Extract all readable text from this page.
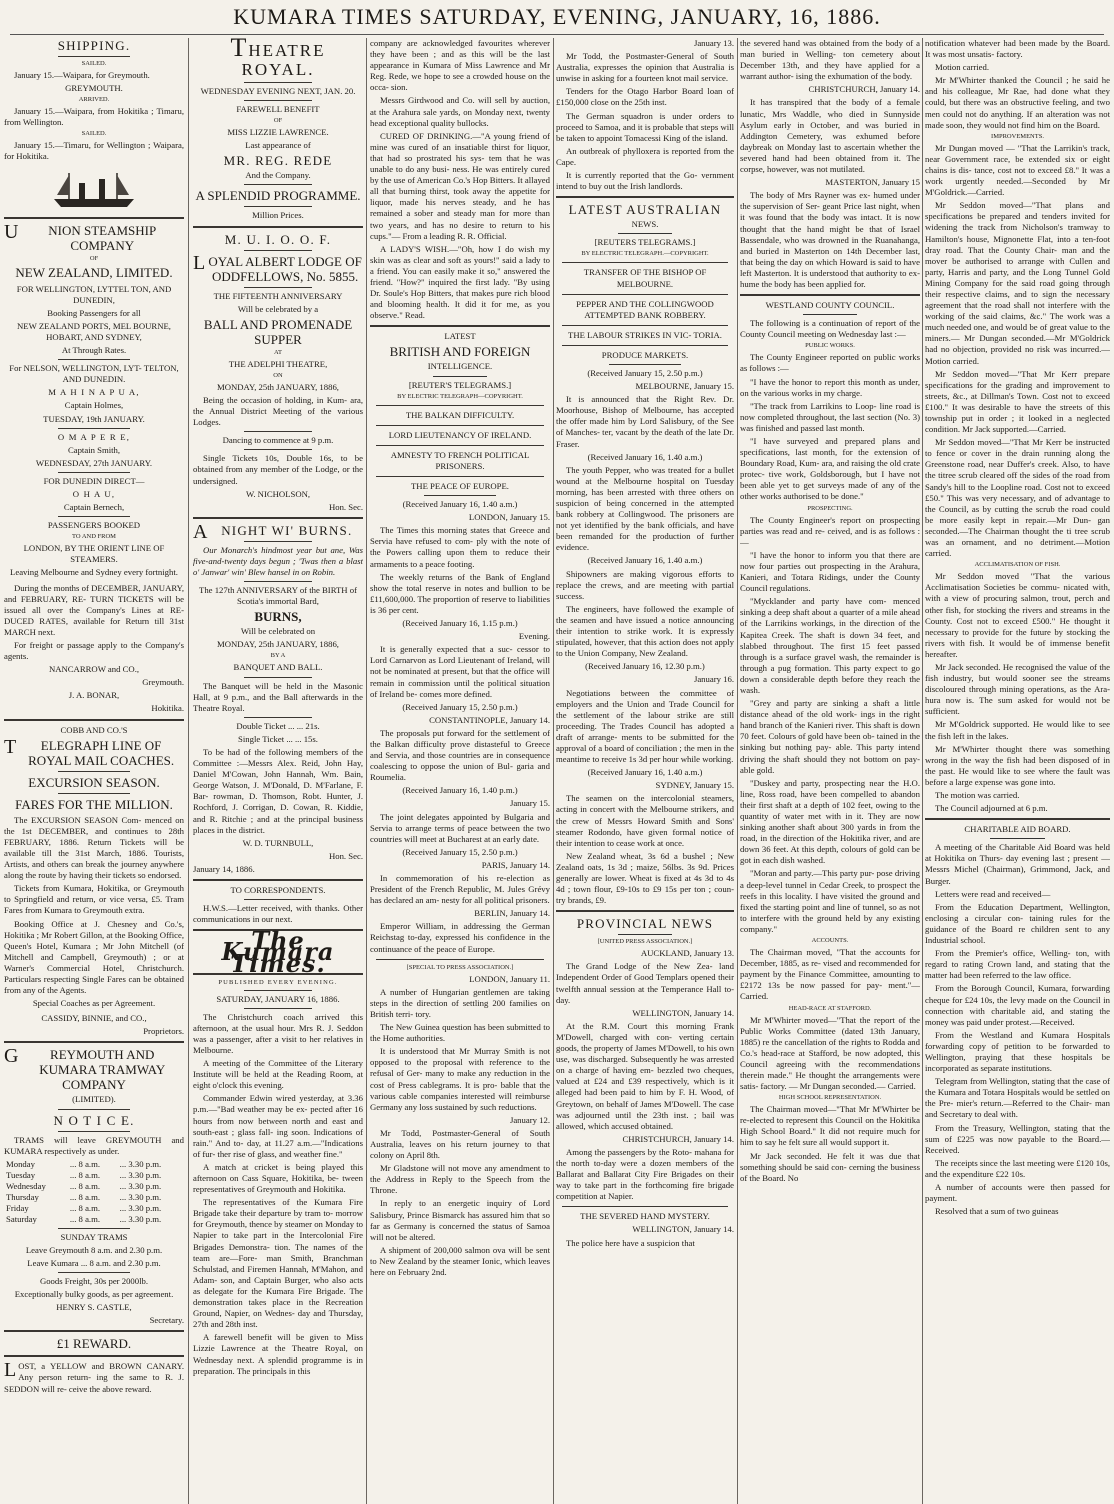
KUMARA TIMES SATURDAY, EVENING, JANUARY, 16, 1886.
SHIPPING.
SAILED.

January 15.—Waipara, for Greymouth.

GREYMOUTH.
ARRIVED.

January 15.—Waipara, from Hokitika ; Timaru, from Wellington.

SAILED.

January 15.—Timaru, for Wellington ; Waipara, for Hokitika.

U NION STEAMSHIP COMPANY
OF
NEW ZEALAND, LIMITED.
FOR WELLINGTON, LYTTEL TON, AND DUNEDIN,
Booking Passengers for all
NEW ZEALAND PORTS, MEL BOURNE, HOBART, AND SYDNEY,
At Through Rates.
For NELSON, WELLINGTON, LYT- TELTON, AND DUNEDIN.
M A H I N A P U A,
Captain Holmes,
TUESDAY, 19th JANUARY.
O M A P E R E,
Captain Smith,
WEDNESDAY, 27th JANUARY.
FOR DUNEDIN DIRECT—
O H A U,
Captain Bernech,
PASSENGERS BOOKED
TO AND FROM
LONDON, BY THE ORIENT LINE OF STEAMERS.
Leaving Melbourne and Sydney every fortnight.

During the months of DECEMBER, JANUARY, and FEBRUARY, RE- TURN TICKETS will be issued all over the Company's Lines at RE- DUCED RATES, available for Return till 31st MARCH next.

For freight or passage apply to the Company's agents.

NANCARROW and CO.,
Greymouth.
J. A. BONAR,
Hokitika.
COBB AND CO.'S
T ELEGRAPH LINE OF ROYAL MAIL COACHES.
EXCURSION SEASON.
FARES FOR THE MILLION.

The EXCURSION SEASON Com- menced on the 1st DECEMBER, and continues to 28th FEBRUARY, 1886. Return Tickets will be available till the 31st March, 1886. Tourists, Artists, and others can break the journey anywhere along the route by having their tickets so endorsed.

Tickets from Kumara, Hokitika, or Greymouth to Springfield and return, or vice versa, £5. Tram Fares from Kumara to Greymouth extra.

Booking Office at J. Chesney and Co.'s, Hokitika ; Mr Robert Gillon, at the Booking Office, Queen's Hotel, Kumara ; Mr John Mitchell (of Mitchell and Campbell, Greymouth) ; or at Warner's Commercial Hotel, Christchurch. Particulars respecting Single Fares can be obtained from any of the Agents.

Special Coaches as per Agreement.
CASSIDY, BINNIE, and CO.,
Proprietors.
G REYMOUTH AND KUMARA TRAMWAY COMPANY
(LIMITED).
N O T I C E.

TRAMS will leave GREYMOUTH and KUMARA respectively as under.

Monday	... 8 a.m.	... 3.30 p.m.
Tuesday	... 8 a.m.	... 3.30 p.m.
Wednesday	... 8 a.m.	... 3.30 p.m.
Thursday	... 8 a.m.	... 3.30 p.m.
Friday	... 8 a.m.	... 3.30 p.m.
Saturday	... 8 a.m.	... 3.30 p.m.
SUNDAY TRAMS
Leave Greymouth 8 a.m. and 2.30 p.m.
Leave Kumara ... 8 a.m. and 2.30 p.m.
Goods Freight, 30s per 2000lb.
Exceptionally bulky goods, as per agreement.
HENRY S. CASTLE,
Secretary.
£1 REWARD.
LOST, a YELLOW and BROWN CANARY. Any person return- ing the same to R. J. SEDDON will re- ceive the above reward.
THEATRE ROYAL.
WEDNESDAY EVENING NEXT, JAN. 20.
FAREWELL BENEFIT
OF
MISS LIZZIE LAWRENCE.
Last appearance of
MR. REG. REDE
And the Company.
A SPLENDID PROGRAMME.
Million Prices.
M. U. I. O. O. F.
LOYAL ALBERT LODGE OF ODDFELLOWS, No. 5855.
THE FIFTEENTH ANNIVERSARY
Will be celebrated by a
BALL AND PROMENADE SUPPER
AT
THE ADELPHI THEATRE,
ON
MONDAY, 25th JANUARY, 1886,

Being the occasion of holding, in Kum- ara, the Annual District Meeting of the various Lodges.

Dancing to commence at 9 p.m.

Single Tickets 10s, Double 16s, to be obtained from any member of the Lodge, or the undersigned.

W. NICHOLSON,
Hon. Sec.
ANIGHT WI' BURNS.

Our Monarch's hindmost year but ane, Was five-and-twenty days begun ; 'Twas then a blast o' Janwar' win' Blew hansel in on Robin.

The 127th ANNIVERSARY of the BIRTH of Scotia's immortal Bard,
BURNS,
Will be celebrated on
MONDAY, 25th JANUARY, 1886,
BY A
BANQUET AND BALL.

The Banquet will be held in the Masonic Hall, at 9 p.m., and the Ball afterwards in the Theatre Royal.

Double Ticket ... ... 21s.
Single Ticket ... ... 15s.

To be had of the following members of the Committee :—Messrs Alex. Reid, John Hay, Daniel M'Cowan, John Hannah, Wm. Bain, George Watson, J. M'Donald, D. M'Farlane, F. Bar- rowman, D. Thomson, Robt. Hunter, J. Rochford, J. Corrigan, D. Cowan, R. Kiddie, and R. Ritchie ; and at the principal business places in the district.

W. D. TURNBULL,
Hon. Sec.
January 14, 1886.
TO CORRESPONDENTS.

H.W.S.—Letter received, with thanks. Other communications in our next.

The Kumara Times.
PUBLISHED EVERY EVENING.
SATURDAY, JANUARY 16, 1886.

The Christchurch coach arrived this afternoon, at the usual hour. Mrs R. J. Seddon was a passenger, after a visit to her relatives in Melbourne.

A meeting of the Committee of the Literary Institute will be held at the Reading Room, at eight o'clock this evening.

Commander Edwin wired yesterday, at 3.36 p.m.—"Bad weather may be ex- pected after 16 hours from now between north and east and south-east ; glass fall- ing soon. Indications of rain." And to- day, at 11.27 a.m.—"Indications of fur- ther rise of glass, and weather fine."

A match at cricket is being played this afternoon on Cass Square, Hokitika, be- tween representatives of Greymouth and Hokitika.

The representatives of the Kumara Fire Brigade take their departure by tram to- morrow for Greymouth, thence by steamer on Monday to Napier to take part in the Intercolonial Fire Brigades Demonstra- tion. The names of the team are—Fore- man Smith, Branchman Schulstad, and Firemen Hannah, M'Mahon, and Adam- son, and Captain Burger, who also acts as delegate for the Kumara Fire Brigade. The demonstration takes place in the Recreation Ground, Napier, on Wednes- day and Thursday, 27th and 28th inst.

A farewell benefit will be given to Miss Lizzie Lawrence at the Theatre Royal, on Wednesday next. A splendid programme is in preparation. The principals in this

company are acknowledged favourites wherever they have been ; and as this will be the last appearance in Kumara of Miss Lawrence and Mr Reg. Rede, we hope to see a crowded house on the occa- sion.

Messrs Girdwood and Co. will sell by auction, at the Arahura sale yards, on Monday next, twenty head exceptional quality bullocks.

CURED OF DRINKING.—"A young friend of mine was cured of an insatiable thirst for liquor, that had so prostrated his sys- tem that he was unable to do any busi- ness. He was entirely cured by the use of American Co.'s Hop Bitters. It allayed all that burning thirst, took away the appetite for liquor, made his nerves steady, and he has remained a sober and steady man for more than two years, and has no desire to return to his cups."— From a leading R. R. Official.

A LADY'S WISH.—"Oh, how I do wish my skin was as clear and soft as yours!" said a lady to a friend. You can easily make it so," answered the friend. "How?" inquired the first lady. "By using Dr. Soule's Hop Bitters, that makes pure rich blood and blooming health. It did it for me, as you observe." Read.

LATEST
BRITISH AND FOREIGN
INTELLIGENCE.
[REUTER'S TELEGRAMS.]
BY ELECTRIC TELEGRAPH—COPYRIGHT.
THE BALKAN DIFFICULTY.
LORD LIEUTENANCY OF IRELAND.
AMNESTY TO FRENCH POLITICAL PRISONERS.
THE PEACE OF EUROPE.
(Received January 16, 1.40 a.m.)
LONDON, January 15.

The Times this morning states that Greece and Servia have refused to com- ply with the note of the Powers calling upon them to reduce their armaments to a peace footing.

The weekly returns of the Bank of England show the total reserve in notes and bullion to be £11,600,000. The proportion of reserve to liabilities is 36 per cent.

(Received January 16, 1.15 p.m.)
Evening.

It is generally expected that a suc- cessor to Lord Carnarvon as Lord Lieutenant of Ireland, will not be nominated at present, but that the office will remain in commission until the political situation of Ireland be- comes more defined.

(Received January 15, 2.50 p.m.)
CONSTANTINOPLE, January 14.

The proposals put forward for the settlement of the Balkan difficulty prove distasteful to Greece and Servia, and those countries are in consequence coalescing to oppose the union of Bul- garia and Roumelia.

(Received January 16, 1.40 p.m.)
January 15.

The joint delegates appointed by Bulgaria and Servia to arrange terms of peace between the two countries will meet at Bucharest at an early date.

(Received January 15, 2.50 p.m.)
PARIS, January 14.

In commemoration of his re-election as President of the French Republic, M. Jules Grévy has declared an am- nesty for all political prisoners.

BERLIN, January 14.

Emperor William, in addressing the German Reichstag to-day, expressed his confidence in the continuance of the peace of Europe.

[SPECIAL TO PRESS ASSOCIATION.]
LONDON, January 11.

A number of Hungarian gentlemen are taking steps in the direction of settling 200 families on British terri- tory.

The New Guinea question has been submitted to the Home authorities.

It is understood that Mr Murray Smith is not opposed to the proposal with reference to the refusal of Ger- many to make any reduction in the cost of Press cablegrams. It is pro- bable that the various cable companies interested will reimburse Germany any loss sustained by such reductions.

January 12.

Mr Todd, Postmaster-General of South Australia, leaves on his return journey to that colony on April 8th.

Mr Gladstone will not move any amendment to the Address in Reply to the Speech from the Throne.

In reply to an energetic inquiry of Lord Salisbury, Prince Bismarck has assured him that so far as Germany is concerned the status of Samoa will not be altered.

A shipment of 200,000 salmon ova will be sent to New Zealand by the steamer Ionic, which leaves here on February 2nd.

January 13.

Mr Todd, the Postmaster-General of South Australia, expresses the opinion that Australia is unwise in asking for a fourteen knot mail service.

Tenders for the Otago Harbor Board loan of £150,000 close on the 25th inst.

The German squadron is under orders to proceed to Samoa, and it is probable that steps will be taken to appoint Tomacessi King of the island.

An outbreak of phylloxera is reported from the Cape.

It is currently reported that the Go- vernment intend to buy out the Irish landlords.

LATEST AUSTRALIAN
NEWS.
[REUTERS TELEGRAMS.]
BY ELECTRIC TELEGRAPH.—COPYRIGHT.
TRANSFER OF THE BISHOP OF MELBOURNE.
PEPPER AND THE COLLINGWOOD ATTEMPTED BANK ROBBERY.
THE LABOUR STRIKES IN VIC- TORIA.
PRODUCE MARKETS.
(Received January 15, 2.50 p.m.)
MELBOURNE, January 15.

It is announced that the Right Rev. Dr. Moorhouse, Bishop of Melbourne, has accepted the offer made him by Lord Salisbury, of the See of Manches- ter, vacant by the death of the late Dr. Fraser.

(Received January 16, 1.40 a.m.)

The youth Pepper, who was treated for a bullet wound at the Melbourne hospital on Tuesday morning, has been arrested with three others on suspicion of being concerned in the attempted bank robbery at Collingwood. The prisoners are not yet identified by the bank officials, and have been remanded for the production of further evidence.

(Received January 16, 1.40 a.m.)

Shipowners are making vigorous efforts to replace the crews, and are meeting with partial success.

The engineers, have followed the example of the seamen and have issued a notice announcing their intention to strike work. It is expressly stipulated, however, that this action does not apply to the Union Company, New Zealand.

(Received January 16, 12.30 p.m.)
January 16.

Negotiations between the committee of employers and the Union and Trade Council for the settlement of the labour strike are still proceeding. The Trades Council has adopted a draft of arrange- ments to be submitted for the approval of a board of conciliation ; the men in the meantime to receive 1s 3d per hour while working.

(Received January 16, 1.40 a.m.)
SYDNEY, January 15.

The seamen on the intercolonial steamers, acting in concert with the Melbourne strikers, and the crew of Messrs Howard Smith and Sons' steamer Rodondo, have given formal notice of their intention to cease work at once.

New Zealand wheat, 3s 6d a bushel ; New Zealand oats, 1s 3d ; maize, 56lbs. 3s 9d. Prices generally are lower. Wheat is fixed at 4s 3d to 4s 4d ; town flour, £9-10s to £9 15s per ton ; coun- try brands, £9.

PROVINCIAL NEWS
[UNITED PRESS ASSOCIATION.]
AUCKLAND, January 13.

The Grand Lodge of the New Zea- land Independent Order of Good Templars opened their twelfth annual session at the Temperance Hall to-day.

WELLINGTON, January 14.

At the R.M. Court this morning Frank M'Dowell, charged with con- verting certain goods, the property of James M'Dowell, to his own use, was discharged. Subsequently he was arrested on a charge of having em- bezzled two cheques, valued at £24 and £39 respectively, which is it alleged had been paid to him by F. H. Wood, of Greytown, on behalf of James M'Dowell. The case was adjourned until the 23th inst. ; bail was allowed, which accused obtained.

CHRISTCHURCH, January 14.

Among the passengers by the Roto- mahana for the north to-day were a dozen members of the Ballarat and Ballarat City Fire Brigades on their way to take part in the forthcoming fire brigade competition at Napier.

THE SEVERED HAND MYSTERY.
WELLINGTON, January 14.

The police here have a suspicion that

the severed hand was obtained from the body of a man buried in Welling- ton cemetery about December 13th, and they have applied for a warrant author- ising the exhumation of the body.

CHRISTCHURCH, January 14.

It has transpired that the body of a female lunatic, Mrs Waddle, who died in Sunnyside Asylum early in October, and was buried in Addington Cemetery, was exhumed before daybreak on Monday last to ascertain whether the severed hand had been obtained from it. The corpse, however, was not mutilated.

MASTERTON, January 15

The body of Mrs Rayner was ex- humed under the supervision of Ser- geant Price last night, when it was found that the body was intact. It is now thought that the hand might be that of Israel Bassendale, who was drowned in the Ruanahanga, and buried in Masterton on 14th December last, that being the day on which Howard is said to have left Masterton. It is understood that authority to ex- hume the body has been applied for.

WESTLAND COUNTY COUNCIL.

The following is a continuation of report of the County Council meeting on Wednesday last :—

PUBLIC WORKS.

The County Engineer reported on public works as follows :—

"I have the honor to report this month as under, on the various works in my charge.

"The track from Larrikins to Loop- line road is now completed throughout, the last section (No. 3) was finished and passed last month.

"I have surveyed and prepared plans and specifications, last month, for the extension of Boundary Road, Kum- ara, and raising the old crate protec- tive work, Goldsborough, but I have not been able yet to get surveys made of any of the other works authorised to be done."

PROSPECTING.

The County Engineer's report on prospecting parties was read and re- ceived, and is as follows :—

"I have the honor to inform you that there are now four parties out prospecting in the Arahura, Kanieri, and Totara Ridings, under the County Council regulations.

"Mycklander and party have com- menced sinking a deep shaft about a quarter of a mile ahead of the Larrikins workings, in the direction of the Kapitea Creek. The shaft is down 34 feet, and slabbed throughout. The first 15 feet passed through is a surface gravel wash, the remainder is through a pug formation. This party expect to go down a considerable depth before they reach the wash.

"Grey and party are sinking a shaft a little distance ahead of the old work- ings in the right hand branch of the Kanieri river. This shaft is down 70 feet. Colours of gold have been ob- tained in the sinking but nothing pay- able. This party intend driving the shaft should they not bottom on pay- able gold.

"Duskey and party, prospecting near the H.O. line, Ross road, have been compelled to abandon their first shaft at a depth of 102 feet, owing to the quantity of water met with in it. They are now sinking another shaft about 300 yards in from the road, in the direction of the Hokitika river, and are down 36 feet. At this depth, colours of gold can be got in each dish washed.

"Moran and party.—This party pur- pose driving a deep-level tunnel in Cedar Creek, to prospect the reefs in this locality. I have visited the ground and fixed the starting point and line of tunnel, so as not to interfere with the ground held by any existing company."

ACCOUNTS.

The Chairman moved, "That the accounts for December, 1885, as re- vised and recommended for payment by the Finance Committee, amounting to £2172 13s be now passed for pay- ment."—Carried.

HEAD-RACE AT STAFFORD.

Mr M'Whirter moved—"That the report of the Public Works Committee (dated 13th January, 1885) re the cancellation of the rights to Rodda and Co.'s head-race at Stafford, be now adopted, this Council agreeing with the recommendations therein made." He thought the arrangements were satis- factory. — Mr Dungan seconded.— Carried.

HIGH SCHOOL REPRESENTATION.

The Chairman moved—"That Mr M'Whirter be re-elected to represent this Council on the Hokitika High School Board." It did not require much for him to say he felt sure all would support it.

Mr Jack seconded. He felt it was due that something should be said con- cerning the business of the Board. No

notification whatever had been made by the Board. It was most unsatis- factory.

Motion carried.

Mr M'Whirter thanked the Council ; he said he and his colleague, Mr Rae, had done what they could, but there was an obstructive feeling, and two men could not do anything. If an alteration was not made soon, they would not find him on the Board.

IMPROVEMENTS.

Mr Dungan moved — "That the Larrikin's track, near Government race, be extended six or eight chains is dis- tance, cost not to exceed £8." It was a work urgently needed.—Seconded by Mr M'Goldrick.—Carried.

Mr Seddon moved—"That plans and specifications be prepared and tenders invited for widening the track from Nicholson's tramway to Hamilton's house, Mignonette Flat, into a ten-foot dray road. That the County Chair- man and the mover be authorised to arrange with Cullen and party, Harris and party, and the Long Tunnel Gold Mining Company for the said road going through their respective claims, and to sign the necessary agreement that the road shall not interfere with the working of the said claims, &c." The work was a much needed one, and would be of great value to the miners.— Mr Dungan seconded.—Mr M'Goldrick had no objection, provided no risk was incurred.—Motion carried.

Mr Seddon moved—"That Mr Kerr prepare specifications for the grading and improvement to streets, &c., at Dillman's Town. Cost not to exceed £100." It was desirable to have the streets of this township put in order ; it looked in a neglected condition. Mr Jack supported.—Carried.

Mr Seddon moved—"That Mr Kerr be instructed to fence or cover in the drain running along the Greenstone road, near Duffer's creek. Also, to have the titree scrub cleared off the sides of the road from Sandy's hill to the Loopline road. Cost not to exceed £50." This was very necessary, and of advantage to the Council, as by cutting the scrub the road could be more easily kept in repair.—Mr Dun- gan seconded.—The Chairman thought the ti tree scrub was an ornament, and no detriment.—Motion carried.

ACCLIMATISATION OF FISH.

Mr Seddon moved "That the various Acclimatisation Societies be commu- nicated with, with a view of procuring salmon, trout, perch and other fish, for stocking the rivers and streams in the County. Cost not to exceed £500." He thought it necessary to provide for the future by stocking the rivers with fish. It would be of immense benefit hereafter.

Mr Jack seconded. He recognised the value of the fish industry, but would sooner see the streams discoloured through mining operations, as the Ara- hura now is. The sum asked for would not be sufficient.

Mr M'Goldrick supported. He would like to see the fish left in the lakes.

Mr M'Whirter thought there was something wrong in the way the fish had been disposed of in the past. He would like to see where the fault was before a large expense was gone into.

The motion was carried.

The Council adjourned at 6 p.m.

CHARITABLE AID BOARD.

A meeting of the Charitable Aid Board was held at Hokitika on Thurs- day evening last ; present — Messrs Michel (Chairman), Grimmond, Jack, and Burger.

Letters were read and received—

From the Education Department, Wellington, enclosing a circular con- taining rules for the guidance of the Board re children sent to any Industrial school.

From the Premier's office, Welling- ton, with regard to rating Crown land, and stating that the matter had been referred to the law office.

From the Borough Council, Kumara, forwarding cheque for £24 10s, the levy made on the Council in connection with charitable aid, and stating the money was paid under protest.—Received.

From the Westland and Kumara Hospitals forwarding copy of petition to be forwarded to Wellington, praying that these hospitals be incorporated as separate institutions.

Telegram from Wellington, stating that the case of the Kumara and Totara Hospitals would be settled on the Pre- mier's return.—Referred to the Chair- man and Secretary to deal with.

From the Treasury, Wellington, stating that the sum of £225 was now payable to the Board.—Received.

The receipts since the last meeting were £120 10s, and the expenditure £22 10s.

A number of accounts were then passed for payment.

Resolved that a sum of two guineas
